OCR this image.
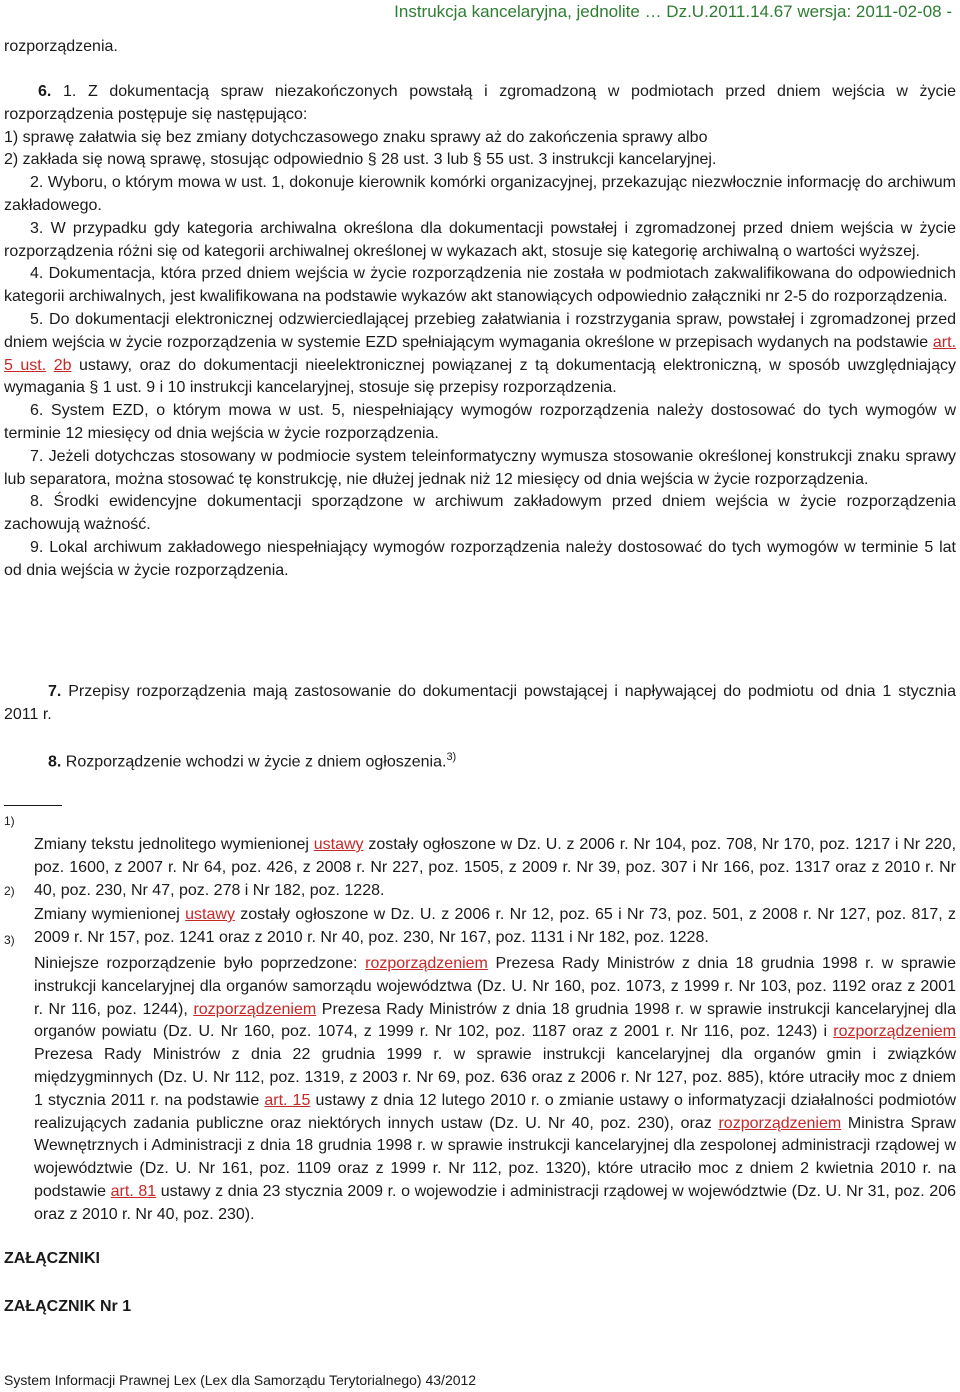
Instrukcja kancelaryjna, jednolite … Dz.U.2011.14.67 wersja: 2011-02-08 -
rozporządzenia.

6. 1. Z dokumentacją spraw niezakończonych powstałą i zgromadzoną w podmiotach przed dniem wejścia w życie rozporządzenia postępuje się następująco:

1) sprawę załatwia się bez zmiany dotychczasowego znaku sprawy aż do zakończenia sprawy albo

2) zakłada się nową sprawę, stosując odpowiednio § 28 ust. 3 lub § 55 ust. 3 instrukcji kancelaryjnej.

2. Wyboru, o którym mowa w ust. 1, dokonuje kierownik komórki organizacyjnej, przekazując niezwłocznie informację do archiwum zakładowego.

3. W przypadku gdy kategoria archiwalna określona dla dokumentacji powstałej i zgromadzonej przed dniem wejścia w życie rozporządzenia różni się od kategorii archiwalnej określonej w wykazach akt, stosuje się kategorię archiwalną o wartości wyższej.

4. Dokumentacja, która przed dniem wejścia w życie rozporządzenia nie została w podmiotach zakwalifikowana do odpowiednich kategorii archiwalnych, jest kwalifikowana na podstawie wykazów akt stanowiących odpowiednio załączniki nr 2-5 do rozporządzenia.

5. Do dokumentacji elektronicznej odzwierciedlającej przebieg załatwiania i rozstrzygania spraw, powstałej i zgromadzonej przed dniem wejścia w życie rozporządzenia w systemie EZD spełniającym wymagania określone w przepisach wydanych na podstawie art. 5 ust. 2b ustawy, oraz do dokumentacji nieelektronicznej powiązanej z tą dokumentacją elektroniczną, w sposób uwzględniający wymagania § 1 ust. 9 i 10 instrukcji kancelaryjnej, stosuje się przepisy rozporządzenia.

6. System EZD, o którym mowa w ust. 5, niespełniający wymogów rozporządzenia należy dostosować do tych wymogów w terminie 12 miesięcy od dnia wejścia w życie rozporządzenia.

7. Jeżeli dotychczas stosowany w podmiocie system teleinformatyczny wymusza stosowanie określonej konstrukcji znaku sprawy lub separatora, można stosować tę konstrukcję, nie dłużej jednak niż 12 miesięcy od dnia wejścia w życie rozporządzenia.

8. Środki ewidencyjne dokumentacji sporządzone w archiwum zakładowym przed dniem wejścia w życie rozporządzenia zachowują ważność.

9. Lokal archiwum zakładowego niespełniający wymogów rozporządzenia należy dostosować do tych wymogów w terminie 5 lat od dnia wejścia w życie rozporządzenia.

7. Przepisy rozporządzenia mają zastosowanie do dokumentacji powstającej i napływającej do podmiotu od dnia 1 stycznia 2011 r.
8. Rozporządzenie wchodzi w życie z dniem ogłoszenia.$^{3)}$
1)

Zmiany tekstu jednolitego wymienionej ustawy zostały ogłoszone w Dz. U. z 2006 r. Nr 104, poz. 708, Nr 170, poz. 1217 i Nr 220, poz. 1600, z 2007 r. Nr 64, poz. 426, z 2008 r. Nr 227, poz. 1505, z 2009 r. Nr 39, poz. 307 i Nr 166, poz. 1317 oraz z 2010 r. Nr 40, poz. 230, Nr 47, poz. 278 i Nr 182, poz. 1228.

2)

Zmiany wymienionej ustawy zostały ogłoszone w Dz. U. z 2006 r. Nr 12, poz. 65 i Nr 73, poz. 501, z 2008 r. Nr 127, poz. 817, z 2009 r. Nr 157, poz. 1241 oraz z 2010 r. Nr 40, poz. 230, Nr 167, poz. 1131 i Nr 182, poz. 1228.

3)

Niniejsze rozporządzenie było poprzedzone: rozporządzeniem Prezesa Rady Ministrów z dnia 18 grudnia 1998 r. w sprawie instrukcji kancelaryjnej dla organów samorządu województwa (Dz. U. Nr 160, poz. 1073, z 1999 r. Nr 103, poz. 1192 oraz z 2001 r. Nr 116, poz. 1244), rozporządzeniem Prezesa Rady Ministrów z dnia 18 grudnia 1998 r. w sprawie instrukcji kancelaryjnej dla organów powiatu (Dz. U. Nr 160, poz. 1074, z 1999 r. Nr 102, poz. 1187 oraz z 2001 r. Nr 116, poz. 1243) i rozporządzeniem Prezesa Rady Ministrów z dnia 22 grudnia 1999 r. w sprawie instrukcji kancelaryjnej dla organów gmin i związków międzygminnych (Dz. U. Nr 112, poz. 1319, z 2003 r. Nr 69, poz. 636 oraz z 2006 r. Nr 127, poz. 885), które utraciły moc z dniem 1 stycznia 2011 r. na podstawie art. 15 ustawy z dnia 12 lutego 2010 r. o zmianie ustawy o informatyzacji działalności podmiotów realizujących zadania publiczne oraz niektórych innych ustaw (Dz. U. Nr 40, poz. 230), oraz rozporządzeniem Ministra Spraw Wewnętrznych i Administracji z dnia 18 grudnia 1998 r. w sprawie instrukcji kancelaryjnej dla zespolonej administracji rządowej w województwie (Dz. U. Nr 161, poz. 1109 oraz z 1999 r. Nr 112, poz. 1320), które utraciło moc z dniem 2 kwietnia 2010 r. na podstawie art. 81 ustawy z dnia 23 stycznia 2009 r. o wojewodzie i administracji rządowej w województwie (Dz. U. Nr 31, poz. 206 oraz z 2010 r. Nr 40, poz. 230).

ZAŁĄCZNIKI
ZAŁĄCZNIK Nr 1
System Informacji Prawnej Lex (Lex dla Samorządu Terytorialnego) 43/2012
